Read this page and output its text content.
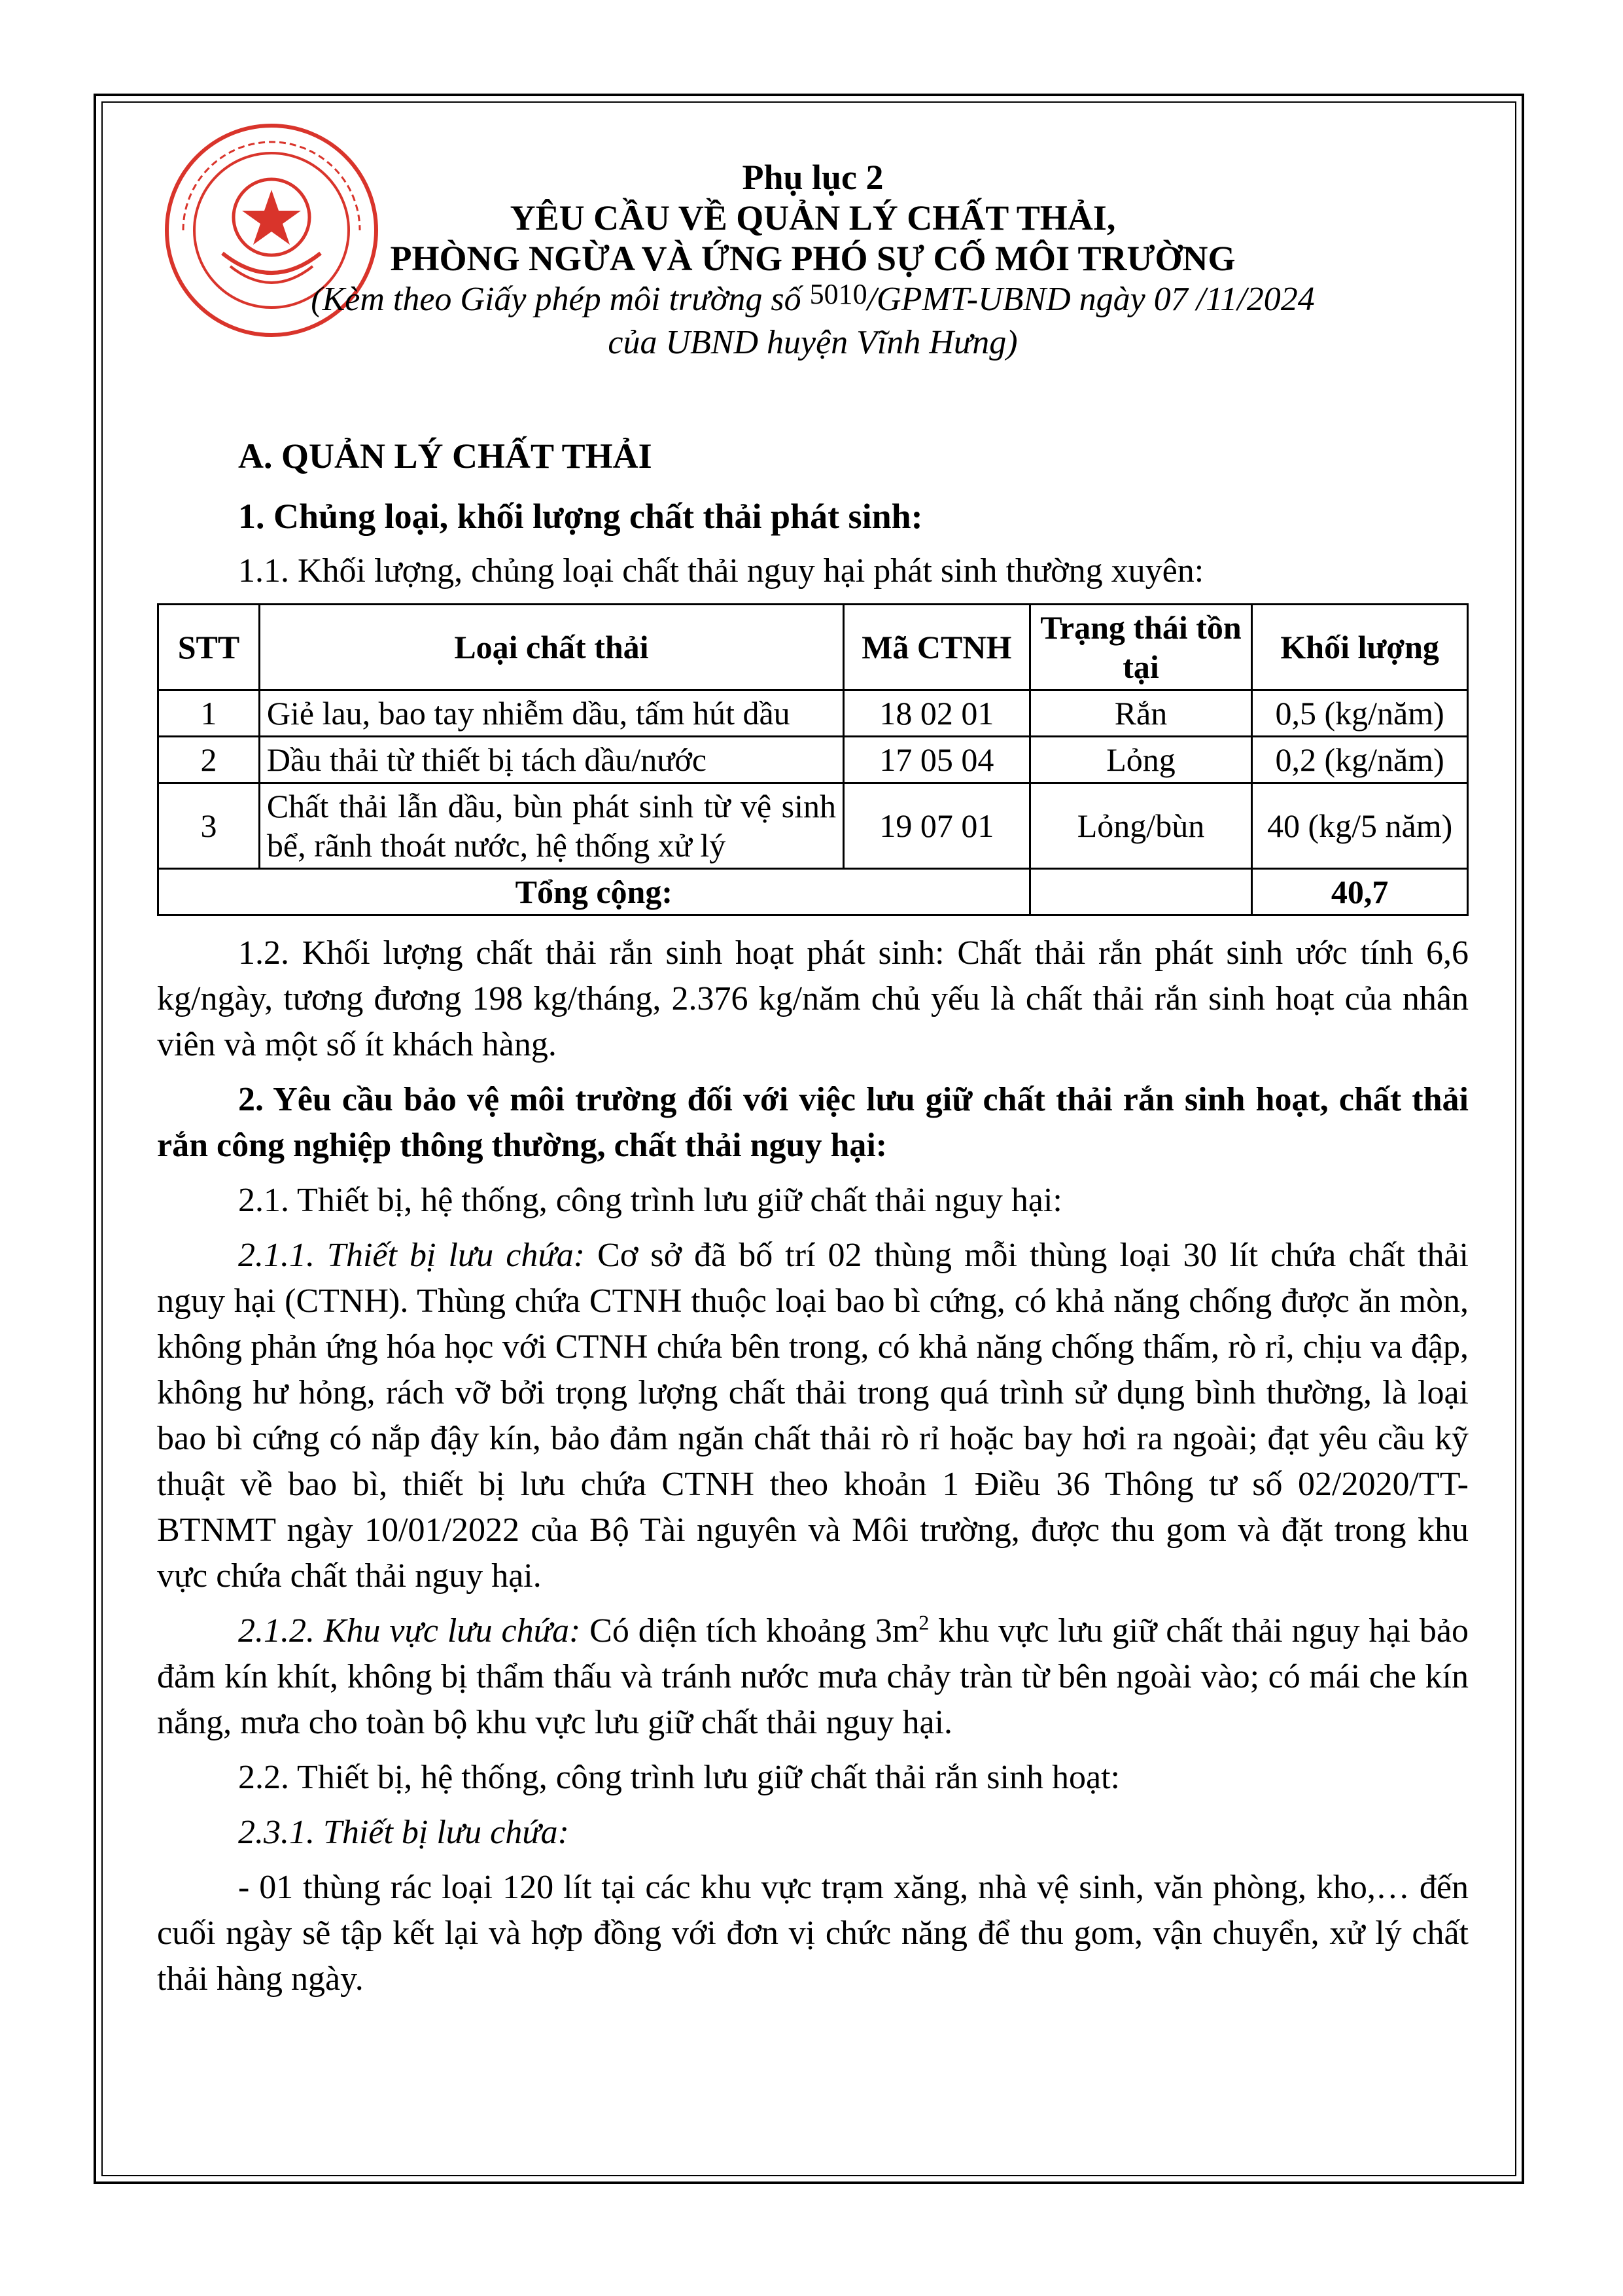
Phụ lục 2
YÊU CẦU VỀ QUẢN LÝ CHẤT THẢI,
PHÒNG NGỪA VÀ ỨNG PHÓ SỰ CỐ MÔI TRƯỜNG
(Kèm theo Giấy phép môi trường số 5010/GPMT-UBND ngày 07 /11/2024
của UBND huyện Vĩnh Hưng)

A. QUẢN LÝ CHẤT THẢI

1. Chủng loại, khối lượng chất thải phát sinh:

1.1. Khối lượng, chủng loại chất thải nguy hại phát sinh thường xuyên:

STT	Loại chất thải	Mã CTNH	Trạng thái tồn tại	Khối lượng
1	Giẻ lau, bao tay nhiễm dầu, tấm hút dầu	18 02 01	Rắn	0,5 (kg/năm)
2	Dầu thải từ thiết bị tách dầu/nước	17 05 04	Lỏng	0,2 (kg/năm)
3	Chất thải lẫn dầu, bùn phát sinh từ vệ sinh bể, rãnh thoát nước, hệ thống xử lý	19 07 01	Lỏng/bùn	40 (kg/5 năm)
Tổng cộng:				40,7

1.2. Khối lượng chất thải rắn sinh hoạt phát sinh: Chất thải rắn phát sinh ước tính 6,6 kg/ngày, tương đương 198 kg/tháng, 2.376 kg/năm chủ yếu là chất thải rắn sinh hoạt của nhân viên và một số ít khách hàng.

2. Yêu cầu bảo vệ môi trường đối với việc lưu giữ chất thải rắn sinh hoạt, chất thải rắn công nghiệp thông thường, chất thải nguy hại:

2.1. Thiết bị, hệ thống, công trình lưu giữ chất thải nguy hại:

2.1.1. Thiết bị lưu chứa: Cơ sở đã bố trí 02 thùng mỗi thùng loại 30 lít chứa chất thải nguy hại (CTNH). Thùng chứa CTNH thuộc loại bao bì cứng, có khả năng chống được ăn mòn, không phản ứng hóa học với CTNH chứa bên trong, có khả năng chống thấm, rò rỉ, chịu va đập, không hư hỏng, rách vỡ bởi trọng lượng chất thải trong quá trình sử dụng bình thường, là loại bao bì cứng có nắp đậy kín, bảo đảm ngăn chất thải rò rỉ hoặc bay hơi ra ngoài; đạt yêu cầu kỹ thuật về bao bì, thiết bị lưu chứa CTNH theo khoản 1 Điều 36 Thông tư số 02/2020/TT-BTNMT ngày 10/01/2022 của Bộ Tài nguyên và Môi trường, được thu gom và đặt trong khu vực chứa chất thải nguy hại.

2.1.2. Khu vực lưu chứa: Có diện tích khoảng $3m^2$ khu vực lưu giữ chất thải nguy hại bảo đảm kín khít, không bị thẩm thấu và tránh nước mưa chảy tràn từ bên ngoài vào; có mái che kín nắng, mưa cho toàn bộ khu vực lưu giữ chất thải nguy hại.

2.2. Thiết bị, hệ thống, công trình lưu giữ chất thải rắn sinh hoạt:

2.3.1. Thiết bị lưu chứa:

- 01 thùng rác loại 120 lít tại các khu vực trạm xăng, nhà vệ sinh, văn phòng, kho,… đến cuối ngày sẽ tập kết lại và hợp đồng với đơn vị chức năng để thu gom, vận chuyển, xử lý chất thải hàng ngày.
